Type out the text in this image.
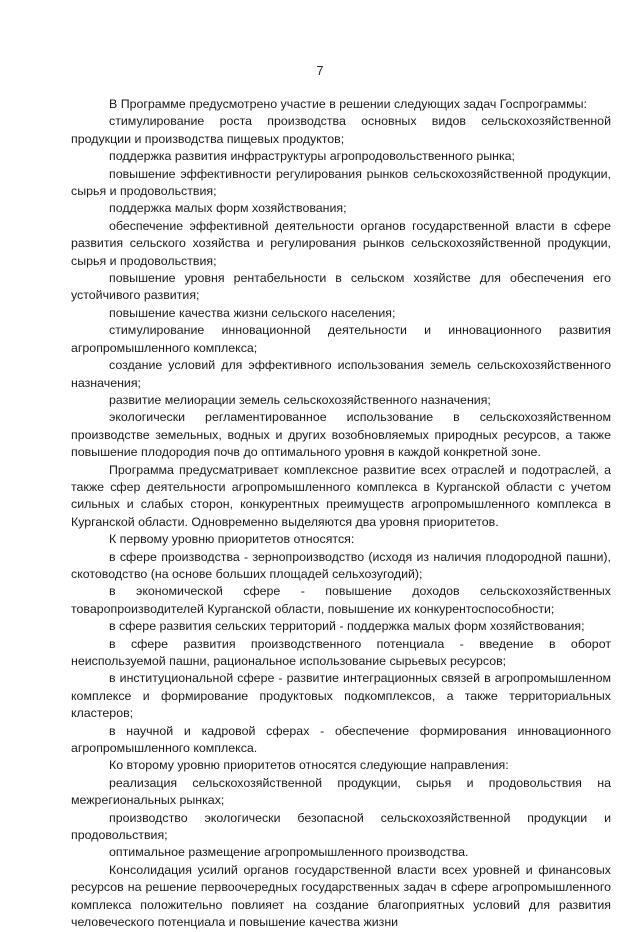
7

В Программе предусмотрено участие в решении следующих задач Госпрограммы:

стимулирование роста производства основных видов сельскохозяйственной продукции и производства пищевых продуктов;

поддержка развития инфраструктуры агропродовольственного рынка;

повышение эффективности регулирования рынков сельскохозяйственной продукции, сырья и продовольствия;

поддержка малых форм хозяйствования;

обеспечение эффективной деятельности органов государственной власти в сфере развития сельского хозяйства и регулирования рынков сельскохозяйственной продукции, сырья и продовольствия;

повышение уровня рентабельности в сельском хозяйстве для обеспечения его устойчивого развития;

повышение качества жизни сельского населения;

стимулирование инновационной деятельности и инновационного развития агропромышленного комплекса;

создание условий для эффективного использования земель сельскохозяйственного назначения;

развитие мелиорации земель сельскохозяйственного назначения;

экологически регламентированное использование в сельскохозяйственном производстве земельных, водных и других возобновляемых природных ресурсов, а также повышение плодородия почв до оптимального уровня в каждой конкретной зоне.

Программа предусматривает комплексное развитие всех отраслей и подотраслей, а также сфер деятельности агропромышленного комплекса в Курганской области с учетом сильных и слабых сторон, конкурентных преимуществ агропромышленного комплекса в Курганской области. Одновременно выделяются два уровня приоритетов.

К первому уровню приоритетов относятся:

в сфере производства - зернопроизводство (исходя из наличия плодородной пашни), скотоводство (на основе больших площадей сельхозугодий);

в экономической сфере - повышение доходов сельскохозяйственных товаропроизводителей Курганской области, повышение их конкурентоспособности;

в сфере развития сельских территорий - поддержка малых форм хозяйствования;

в сфере развития производственного потенциала - введение в оборот неиспользуемой пашни, рациональное использование сырьевых ресурсов;

в институциональной сфере - развитие интеграционных связей в агропромышленном комплексе и формирование продуктовых подкомплексов, а также территориальных кластеров;

в научной и кадровой сферах - обеспечение формирования инновационного агропромышленного комплекса.

Ко второму уровню приоритетов относятся следующие направления:

реализация сельскохозяйственной продукции, сырья и продовольствия на межрегиональных рынках;

производство экологически безопасной сельскохозяйственной продукции и продовольствия;

оптимальное размещение агропромышленного производства.

Консолидация усилий органов государственной власти всех уровней и финансовых ресурсов на решение первоочередных государственных задач в сфере агропромышленного комплекса положительно повлияет на создание благоприятных условий для развития человеческого потенциала и повышение качества жизни
